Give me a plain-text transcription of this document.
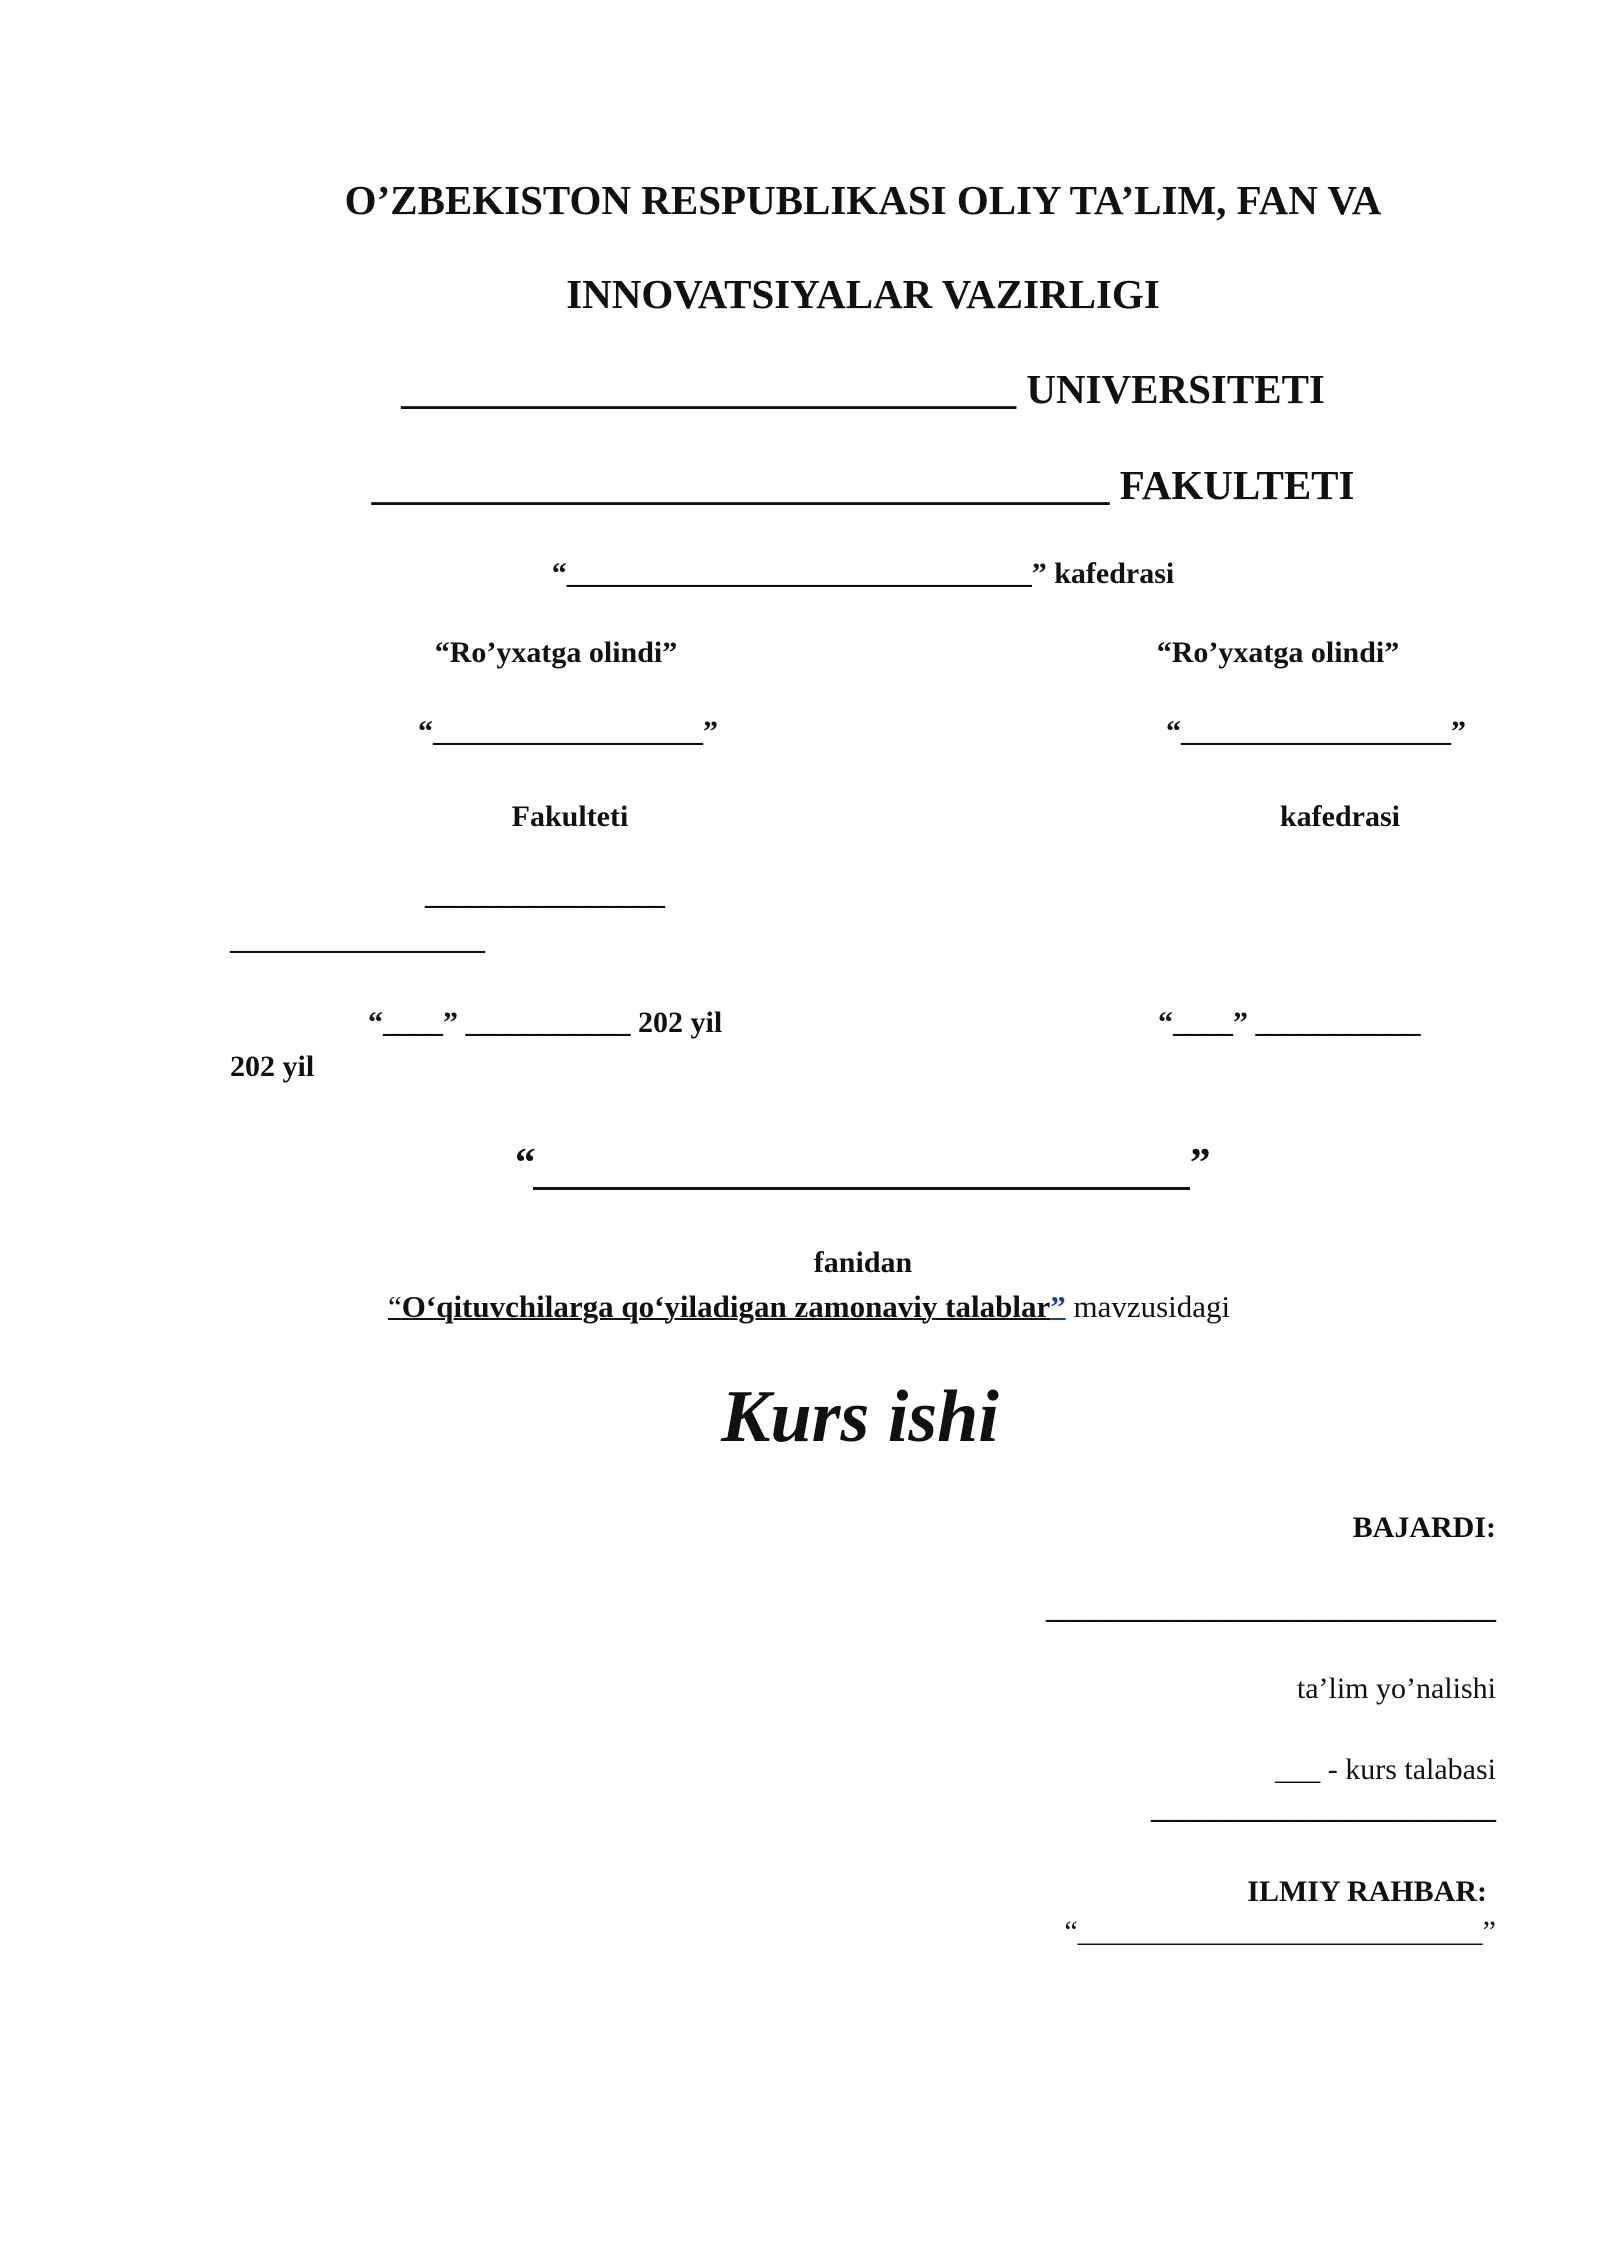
O’ZBEKISTON RESPUBLIKASI OLIY TA’LIM, FAN VA
INNOVATSIYALAR VAZIRLIGI
______________________________ UNIVERSITETI
____________________________________ FAKULTETI
“_______________________________” kafedrasi
“Ro’yxatga olindi”	“Ro’yxatga olindi”
“__________________”	“__________________”
Fakulteti	kafedrasi
________________
_________________
“____” ___________ 202 yil	“____” ___________
202 yil
“	”
fanidan
“O‘qituvchilarga qo‘yiladigan zamonaviy talablar” mavzusidagi
Kurs ishi
BAJARDI:
______________________________
ta’lim yo’nalishi
___ - kurs talabasi
_______________________
ILMIY RAHBAR:
“___________________________”
